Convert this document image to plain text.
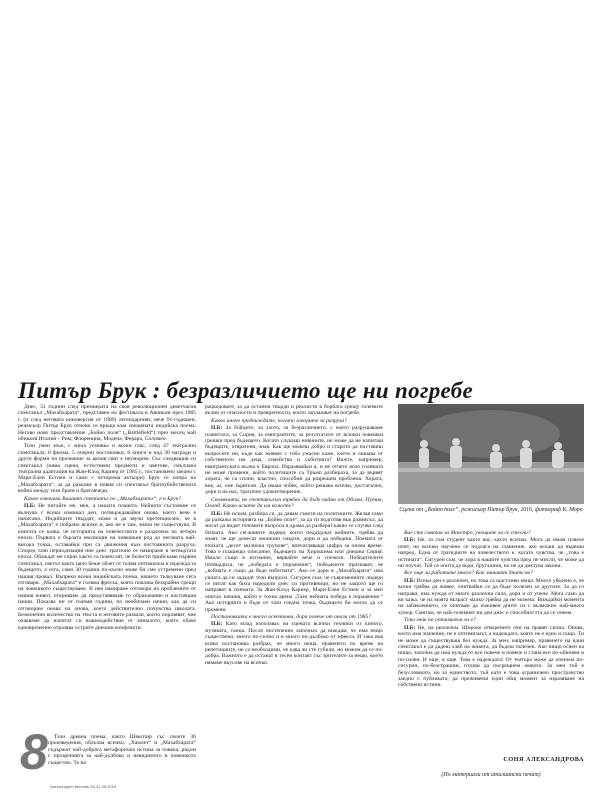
Питър Брук : безразличието ще ни погребе

Днес, 31 години след премиерата на своя революционен деветчасов спектакъл „Махабхарата“, представен на фестивала в Авиньон през 1985 г. (и след неговата киноверсия от 1989) легендарният, вече 91-годишен, режисьор Питър Брук отново се връща към свещената индийска поема. Негово ново представление „Бойно поле“ („Battlefield“) през месец май обикаля Италия – Рим, Флоренция, Модена, Ферара, Соломео.

Този умен мъж, с мила усмивка и всеки глас, след 47 театрални спектакъла, 8 филма, 5 оперни постановки, 6 книги и над 30 награди и други форми на признание за целия свят е неуморим. Със следващия си спектакъл (няма сцена, естествени предмети и цветове, смълчана театрална адаптация на Жан-Клод Кариер от 1985 г., постановено заедно с Мари-Елен Естиен и само с четирима актьори) Брук се опира на „Махабхарата“, за да разкаже в новия си спектакъл братоубийствената война между тези братя и братовчеди.

Какво означава Вашият спектакъл по „Махабхарата“, г-н Брук?

П.Б: Не питайте ме, мен, а нашата планета. Нейното състояние се вълнува с всеки изминал ден, потвърждавайки онова, което вече е написано. Индийците твърдят, може и да звучи претенциозно, че в „Махабхарата“ е побрано всичко и, ако не е там, значи не съществува. В книгата се казва, че историята на човечеството е разделена на четири епохи. Първата е бързата еволюция на човешкия род до неговата най-висока точка, оставайки при са движения към постоянната разруха. Според тази периодизация ние днес трагично се намираме в четвъртата епоха. Обаждат ме спрях както са помислят, че болести прийскаме първия спектакъл, светът както цяло беше обзет от голям оптимизъм и надежда за бъдещето, а сега, само 30 години по-късно може би сме устремени пред нашия провал. Въпреки всеки индийската поема, нашето тълкуване сега отговаря. „Махабхарата“ е голяма фреска, която показва безкрайни срещи на човешкото съществуване. В нея намираме отговори на проблемите от нашия живот, откриваме да представяваме го образование и настоящия начин. Показва ни от големи години, по необичаен начин, как да си отговорим онова на онова, което действително почувства школата. Безконечно количество на текста и неговите разкази, които поразяват, ние очакваме да изпитат си взаимодействие от миналото, което обаче едновременно отразява острите днешни конфликти.

8	Тази древна поема, както Шекспир със своите 36 произведения, облъхва всичко. „Хамлет“ и „Махабхарата“ съдържат най-добрата метафорична истина за човека, рядом с прозренията за най-дълбоко и невидимото в човешкото същество. Те на

рацкодовате, за да останем твърди и реалисти в борбата срещу големите вълни от опасности и превратности, които заплашват на погребе.

Какво иначе предвиждате, когато говорите за разруха?

П.Б: За бойците, за злото, за безразличието, с което разрушаваме планетата, за Сирия, за емигрантите, за резултатите от всички човешки грешки пред бъдещето. Когато слушаш новините, не може да не изпиташ бъдещите, отвратени, зная. Как ще можеш добро и старото да поставиш въпросите ни, къде как живеят с тоба ужасно каже, което и лишава от собственото им деца, семейства и събитията? Вижте, например, емигрантската вълна в Европа. Изразявайки я, и не отчете ясно голямата не може промени, който политиците са Тръмп разбираха, за да вървят хората, че са силни, властно, способни да разрешим проблема. Хората, вие, аз, сме зървтели. Да имаш чобек, който решава всичко, достатъчно, дори и на нас, трагично удовлетворение.

Спомената, не спектакълът трябва да бъде видян от Обама, Путин, Оланд. Какво искате да им кажете?

П.Б: Не искам, разбира се, да давам съвети на политиците. Желая само да разкажа историята на „Бойно поле“, за да ги подготвя във размисъл, да могат да видят големите въпроси в драма да разберат какво се случва след битката. Ако сегашните лидери, които поддържат войните, трябва да знаят, че ще донесат милиони смърти, дори и да победиш. Поемата от епохата „десет милиона трупове“, впечатляваща цифра за онова време. Това е плашещо описание, бъдещето на Хирошима или днешна Сирия. Имало също в изгнание, вярвайте вече и спечели. Победителите потвърдиха, че „победата е поражение“, победените признават, че „войната е също да бъде избегната“. Ако се дори в „Махабхарата“ има силата да си зададат тези въпроси. Сигурен съм, че съвременните лидери се питат как биха наредили днес си противници, но не защото ще го направят в поемата. За Жан-Клод Кариер, Мари-Елен Естиен и за мен опитах начина, който е точна арена „Тази нейната победа е поражение.“ Ако историята и бъде от тази гледна точка, бъдещето би могло да се промени.

Постановката е много аскетична, дори повече от онази от 1985?

П.Б: Като млад използвах на сцената всички техники от киното, музиката, танца. После постепенно започнах да виждам, че има нещо съществено, много по-силно и в много по-дълбоко от ефекта. И така във всяка постановка разбрах, че много неща, правенето по време на репетициите, не са необходими, че едва ли сте губили, но можем да се по-добра. Важното е да останат в тесен контакт със зрителите за нещо, което нямаме вкусове на всичко.

Сцена от „Бойно поле“, режисьор Питър Брук, 2016, фотограф К. Моро

Вие сте смятан за Маестро, учещите ли се стесни?

П.Б: Не, аз съм студент както вас, както всички. Мога да имам повече опит, но всичко научено се подлага на съмнение, ако искаш да вървиш напред. Една от трагедиите на човечеството е, когато чувства, че „това е истината“. Сигурен съм, че хора в нашите чувства пред не мисли, че може да ни поучат. Той се опита да води, бруталния, но не да диктува закони.

Все още ли работите много? Как минават дните ви?

П.Б: Всеки ден е различен, но това са щастливи неща. Много убедено е, че всеки трябва да живее, опитвайки се да бъде полезен за другите. За да го направи, има нужда от много различна сила, дори и от учене. Мога само да ви кажа, че на моята възраст малко трябва да не можеш. Виждайки момента на забавлението, се опитвам да изживея дните си с възможно най-много хумор. Смятам, че най-големият ни ден днес е способността да се смеем.

Това знак на оптимизъм ли е?

П.Б: Не, на реализъм. Широко отворените очи на правят силна. Онова, което има значение, не е оптимизмът, а надеждата, която не е едно и също. Ти не може да съществуваш без нужда. За мен, например, правенето на един спектакъл е да дадеш хляб на живота, да бъдеш полезен. Ако нищо освен на нищо, започна да има нужда от все повече и повече и стана все по-обновен и по-силен. И още, и още. Това е надеждата! От театъра може да излезем по-сигурни, по-безстрашни, готови да посрещнем живота. За мен той е безусловното, но за единството, тъй като е това ограничено пространство заедно с публиката, да преживееш един общ момент за изразяване на собствени истини.

СОНЯ АЛЕКСАНДРОВА
(По материали от италиански печат)
Литературен вестник 25-31.05.2016
